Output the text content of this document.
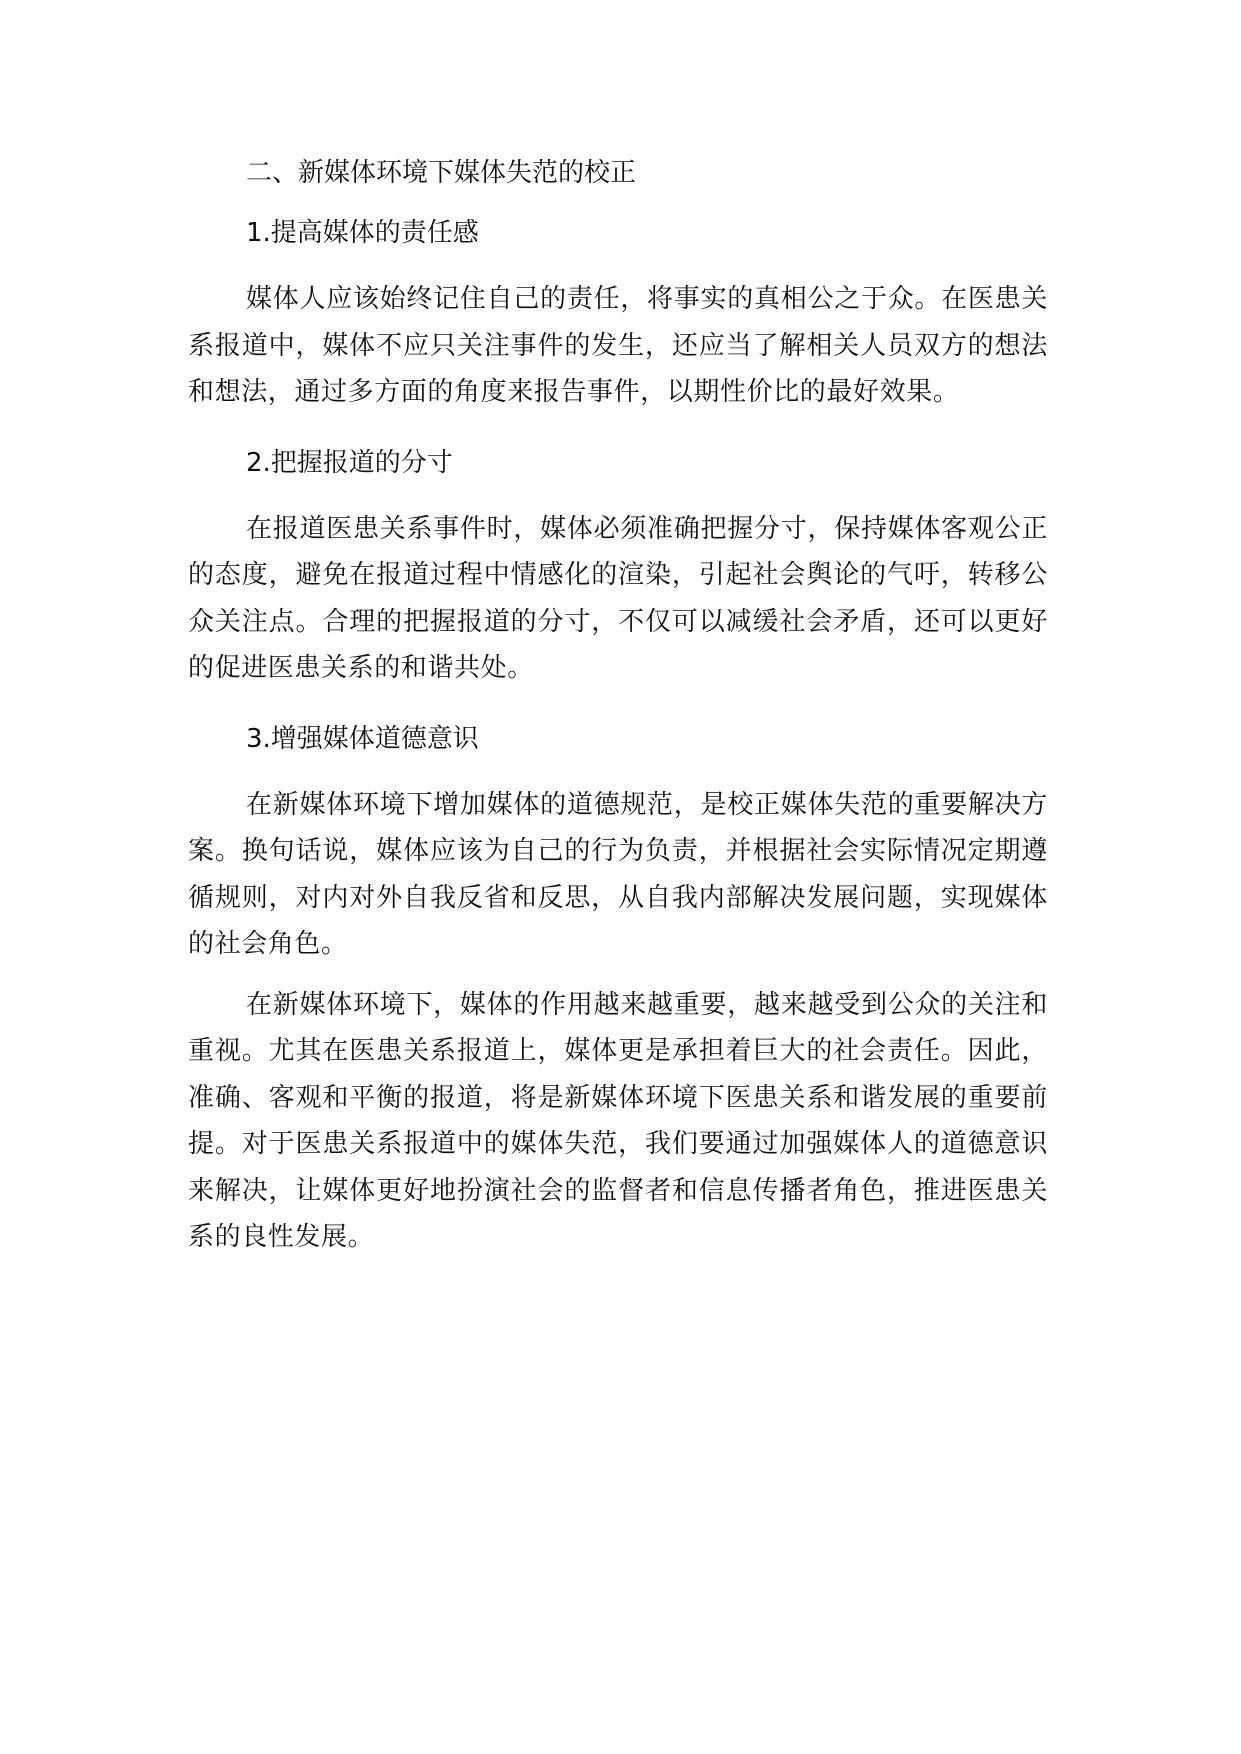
二、新媒体环境下媒体失范的校正

1.提高媒体的责任感

媒体人应该始终记住自己的责任，将事实的真相公之于众。在医患关系报道中，媒体不应只关注事件的发生，还应当了解相关人员双方的想法和想法，通过多方面的角度来报告事件，以期性价比的最好效果。

2.把握报道的分寸

在报道医患关系事件时，媒体必须准确把握分寸，保持媒体客观公正的态度，避免在报道过程中情感化的渲染，引起社会舆论的气吁，转移公众关注点。合理的把握报道的分寸，不仅可以减缓社会矛盾，还可以更好的促进医患关系的和谐共处。

3.增强媒体道德意识

在新媒体环境下增加媒体的道德规范，是校正媒体失范的重要解决方案。换句话说，媒体应该为自己的行为负责，并根据社会实际情况定期遵循规则，对内对外自我反省和反思，从自我内部解决发展问题，实现媒体的社会角色。

在新媒体环境下，媒体的作用越来越重要，越来越受到公众的关注和重视。尤其在医患关系报道上，媒体更是承担着巨大的社会责任。因此，准确、客观和平衡的报道，将是新媒体环境下医患关系和谐发展的重要前提。对于医患关系报道中的媒体失范，我们要通过加强媒体人的道德意识来解决，让媒体更好地扮演社会的监督者和信息传播者角色，推进医患关系的良性发展。
